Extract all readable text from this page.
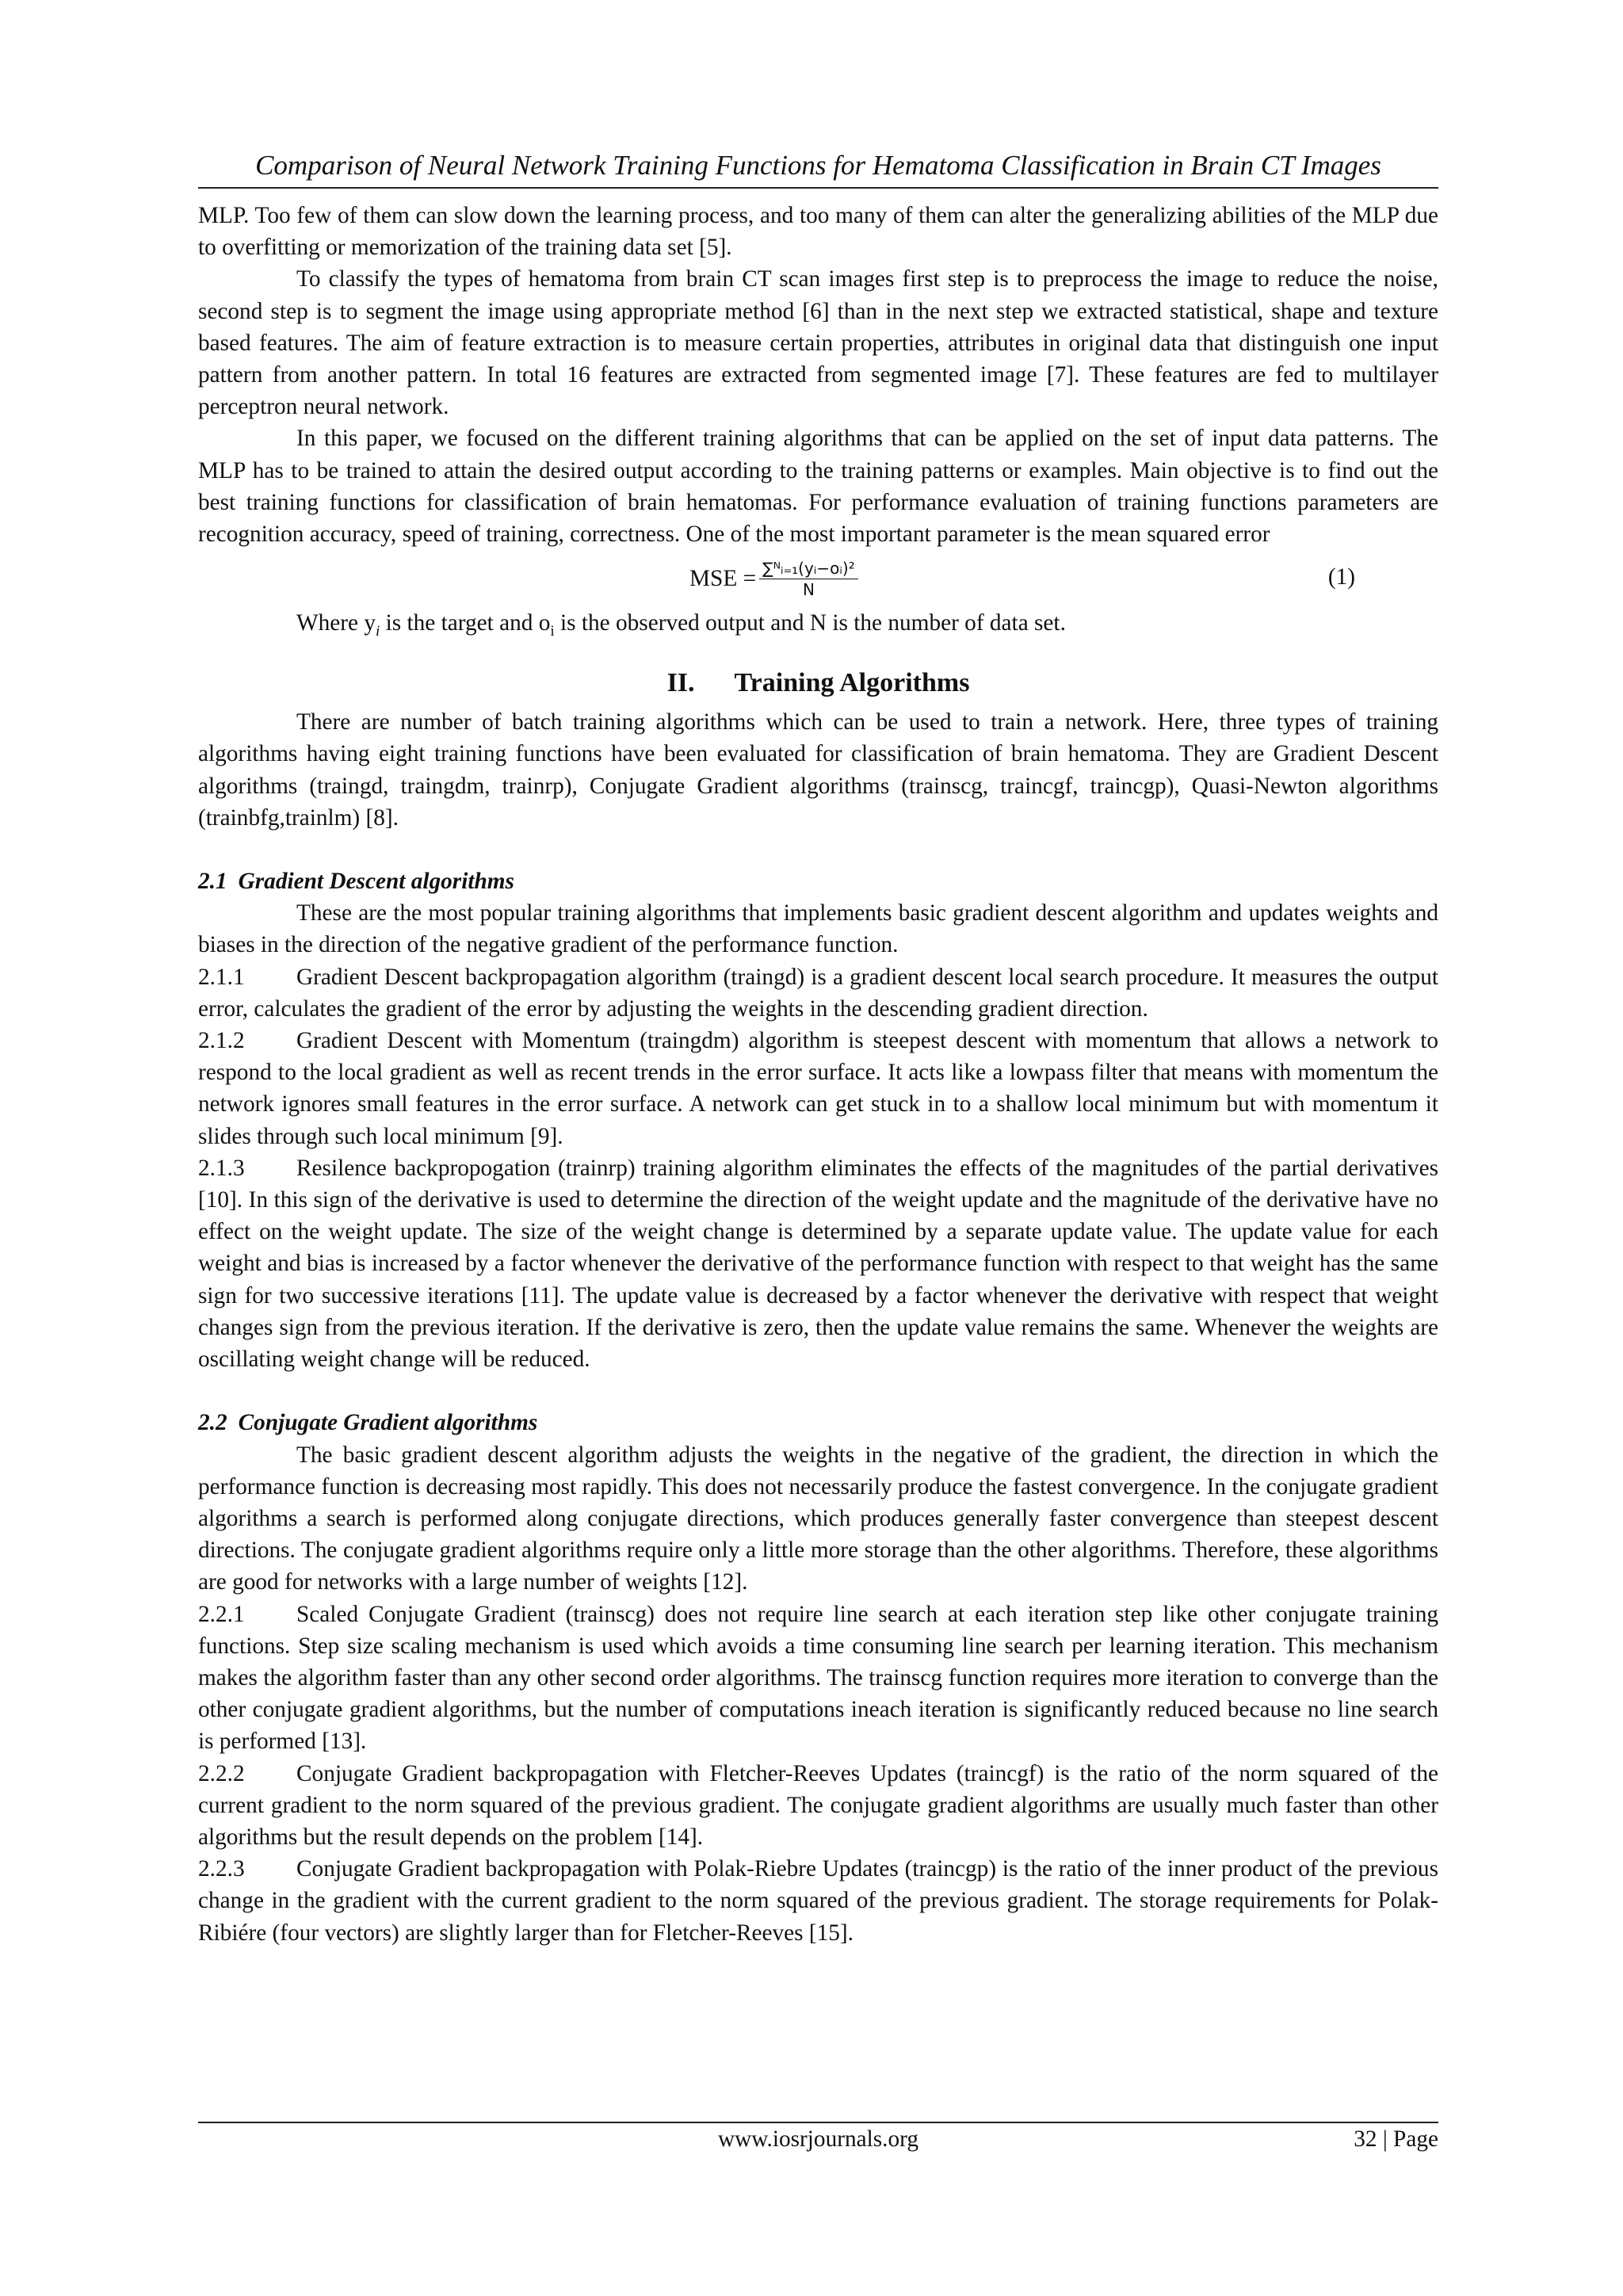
Comparison of Neural Network Training Functions for Hematoma Classification in Brain CT Images

MLP. Too few of them can slow down the learning process, and too many of them can alter the generalizing abilities of the MLP due to overfitting or memorization of the training data set [5].

To classify the types of hematoma from brain CT scan images first step is to preprocess the image to reduce the noise, second step is to segment the image using appropriate method [6] than in the next step we extracted statistical, shape and texture based features. The aim of feature extraction is to measure certain properties, attributes in original data that distinguish one input pattern from another pattern. In total 16 features are extracted from segmented image [7]. These features are fed to multilayer perceptron neural network.

In this paper, we focused on the different training algorithms that can be applied on the set of input data patterns. The MLP has to be trained to attain the desired output according to the training patterns or examples. Main objective is to find out the best training functions for classification of brain hematomas. For performance evaluation of training functions parameters are recognition accuracy, speed of training, correctness. One of the most important parameter is the mean squared error

MSE = $\frac{\text{∑ᴺᵢ₌₁(yᵢ−oᵢ)²}}{N}$	(1)

Where $y_i$ is the target and $o_i$ is the observed output and N is the number of data set.

II. Training Algorithms

There are number of batch training algorithms which can be used to train a network. Here, three types of training algorithms having eight training functions have been evaluated for classification of brain hematoma. They are Gradient Descent algorithms (traingd, traingdm, trainrp), Conjugate Gradient algorithms (trainscg, traincgf, traincgp), Quasi-Newton algorithms (trainbfg,trainlm) [8].

2.1 Gradient Descent algorithms

These are the most popular training algorithms that implements basic gradient descent algorithm and updates weights and biases in the direction of the negative gradient of the performance function.

2.1.1 Gradient Descent backpropagation algorithm (traingd) is a gradient descent local search procedure. It measures the output error, calculates the gradient of the error by adjusting the weights in the descending gradient direction.

2.1.2 Gradient Descent with Momentum (traingdm) algorithm is steepest descent with momentum that allows a network to respond to the local gradient as well as recent trends in the error surface. It acts like a lowpass filter that means with momentum the network ignores small features in the error surface. A network can get stuck in to a shallow local minimum but with momentum it slides through such local minimum [9].

2.1.3 Resilence backpropogation (trainrp) training algorithm eliminates the effects of the magnitudes of the partial derivatives [10]. In this sign of the derivative is used to determine the direction of the weight update and the magnitude of the derivative have no effect on the weight update. The size of the weight change is determined by a separate update value. The update value for each weight and bias is increased by a factor whenever the derivative of the performance function with respect to that weight has the same sign for two successive iterations [11]. The update value is decreased by a factor whenever the derivative with respect that weight changes sign from the previous iteration. If the derivative is zero, then the update value remains the same. Whenever the weights are oscillating weight change will be reduced.

2.2 Conjugate Gradient algorithms

The basic gradient descent algorithm adjusts the weights in the negative of the gradient, the direction in which the performance function is decreasing most rapidly. This does not necessarily produce the fastest convergence. In the conjugate gradient algorithms a search is performed along conjugate directions, which produces generally faster convergence than steepest descent directions. The conjugate gradient algorithms require only a little more storage than the other algorithms. Therefore, these algorithms are good for networks with a large number of weights [12].

2.2.1 Scaled Conjugate Gradient (trainscg) does not require line search at each iteration step like other conjugate training functions. Step size scaling mechanism is used which avoids a time consuming line search per learning iteration. This mechanism makes the algorithm faster than any other second order algorithms. The trainscg function requires more iteration to converge than the other conjugate gradient algorithms, but the number of computations ineach iteration is significantly reduced because no line search is performed [13].

2.2.2 Conjugate Gradient backpropagation with Fletcher-Reeves Updates (traincgf) is the ratio of the norm squared of the current gradient to the norm squared of the previous gradient. The conjugate gradient algorithms are usually much faster than other algorithms but the result depends on the problem [14].

2.2.3 Conjugate Gradient backpropagation with Polak-Riebre Updates (traincgp) is the ratio of the inner product of the previous change in the gradient with the current gradient to the norm squared of the previous gradient. The storage requirements for Polak-Ribiére (four vectors) are slightly larger than for Fletcher-Reeves [15].

www.iosrjournals.org	32 | Page
